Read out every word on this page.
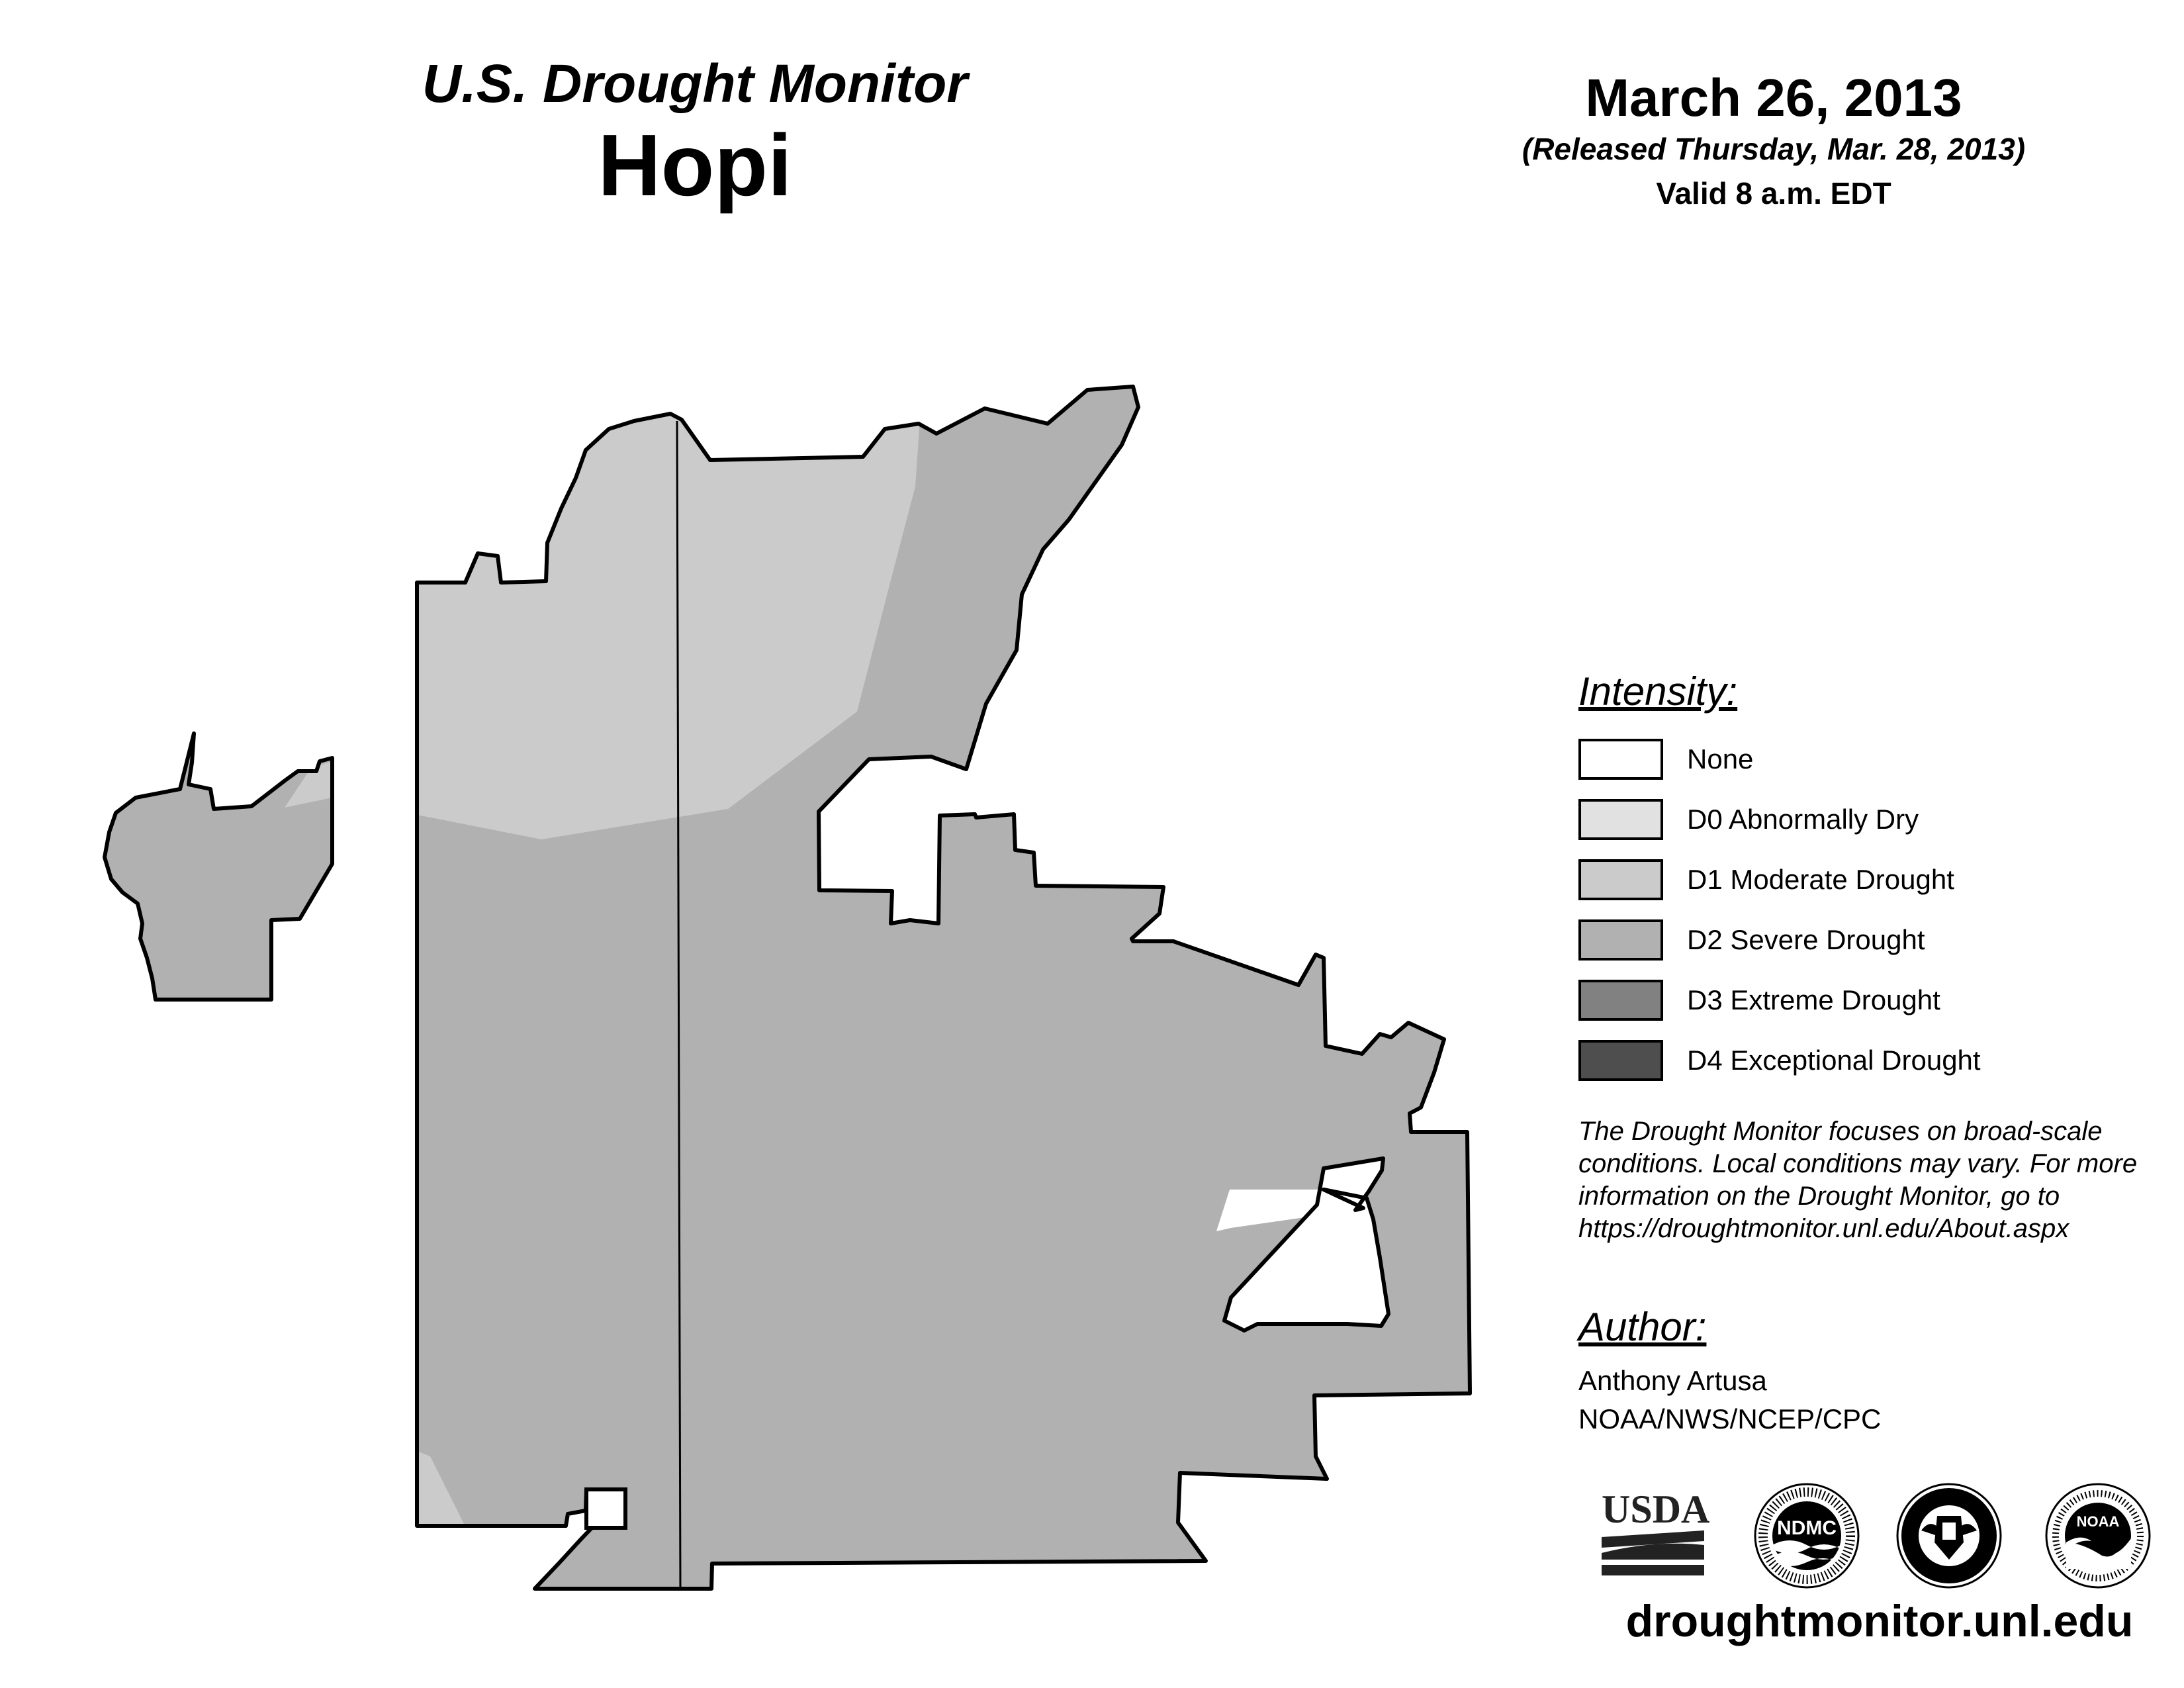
U.S. Drought Monitor
Hopi
March 26, 2013
(Released Thursday, Mar. 28, 2013)
Valid 8 a.m. EDT
Intensity:
None
D0 Abnormally Dry
D1 Moderate Drought
D2 Severe Drought
D3 Extreme Drought
D4 Exceptional Drought
The Drought Monitor focuses on broad-scale
conditions. Local conditions may vary. For more
information on the Drought Monitor, go to
https://droughtmonitor.unl.edu/About.aspx
Author:
Anthony Artusa
NOAA/NWS/NCEP/CPC
USDA	NDMC	NOAA
droughtmonitor.unl.edu
